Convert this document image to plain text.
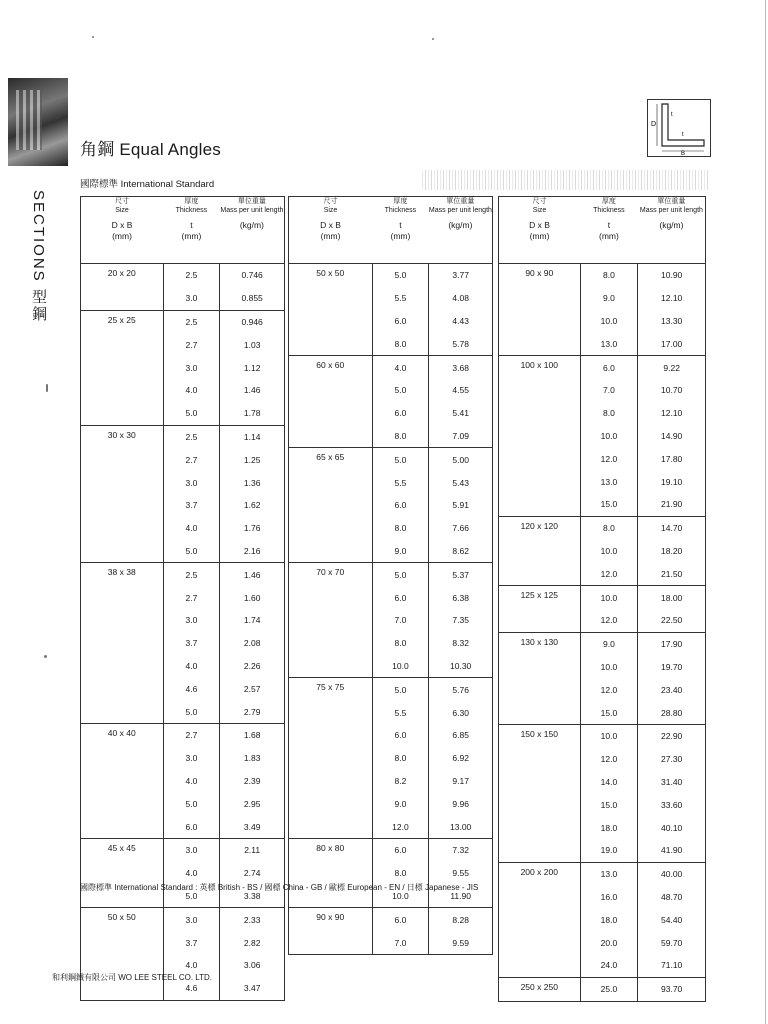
角鋼 Equal Angles
SECTIONS 型鋼
國際標準 International Standard
D
t
t
B
尺寸
Size
D x B
(mm)	厚度
Thickness
t
(mm)	單位重量
Mass per unit length
(kg/m)

20 x 20	2.5	0.746
	3.0	0.855
25 x 25	2.5	0.946
	2.7	1.03
	3.0	1.12
	4.0	1.46
	5.0	1.78
30 x 30	2.5	1.14
	2.7	1.25
	3.0	1.36
	3.7	1.62
	4.0	1.76
	5.0	2.16
38 x 38	2.5	1.46
	2.7	1.60
	3.0	1.74
	3.7	2.08
	4.0	2.26
	4.6	2.57
	5.0	2.79
40 x 40	2.7	1.68
	3.0	1.83
	4.0	2.39
	5.0	2.95
	6.0	3.49
45 x 45	3.0	2.11
	4.0	2.74
	5.0	3.38
50 x 50	3.0	2.33
	3.7	2.82
	4.0	3.06
	4.6	3.47
尺寸
Size
D x B
(mm)	厚度
Thickness
t
(mm)	單位重量
Mass per unit length
(kg/m)

50 x 50	5.0	3.77
	5.5	4.08
	6.0	4.43
	8.0	5.78
60 x 60	4.0	3.68
	5.0	4.55
	6.0	5.41
	8.0	7.09
65 x 65	5.0	5.00
	5.5	5.43
	6.0	5.91
	8.0	7.66
	9.0	8.62
70 x 70	5.0	5.37
	6.0	6.38
	7.0	7.35
	8.0	8.32
	10.0	10.30
75 x 75	5.0	5.76
	5.5	6.30
	6.0	6.85
	8.0	6.92
	8.2	9.17
	9.0	9.96
	12.0	13.00
80 x 80	6.0	7.32
	8.0	9.55
	10.0	11.90
90 x 90	6.0	8.28
	7.0	9.59
尺寸
Size
D x B
(mm)	厚度
Thickness
t
(mm)	單位重量
Mass per unit length
(kg/m)

90 x 90	8.0	10.90
	9.0	12.10
	10.0	13.30
	13.0	17.00
100 x 100	6.0	9.22
	7.0	10.70
	8.0	12.10
	10.0	14.90
	12.0	17.80
	13.0	19.10
	15.0	21.90
120 x 120	8.0	14.70
	10.0	18.20
	12.0	21.50
125 x 125	10.0	18.00
	12.0	22.50
130 x 130	9.0	17.90
	10.0	19.70
	12.0	23.40
	15.0	28.80
150 x 150	10.0	22.90
	12.0	27.30
	14.0	31.40
	15.0	33.60
	18.0	40.10
	19.0	41.90
200 x 200	13.0	40.00
	16.0	48.70
	18.0	54.40
	20.0	59.70
	24.0	71.10
250 x 250	25.0	93.70
國際標準 International Standard : 英標 British - BS / 國標 China - GB / 歐標 European - EN / 日標 Japanese - JIS
和利鋼鐵有限公司 WO LEE STEEL CO. LTD.
